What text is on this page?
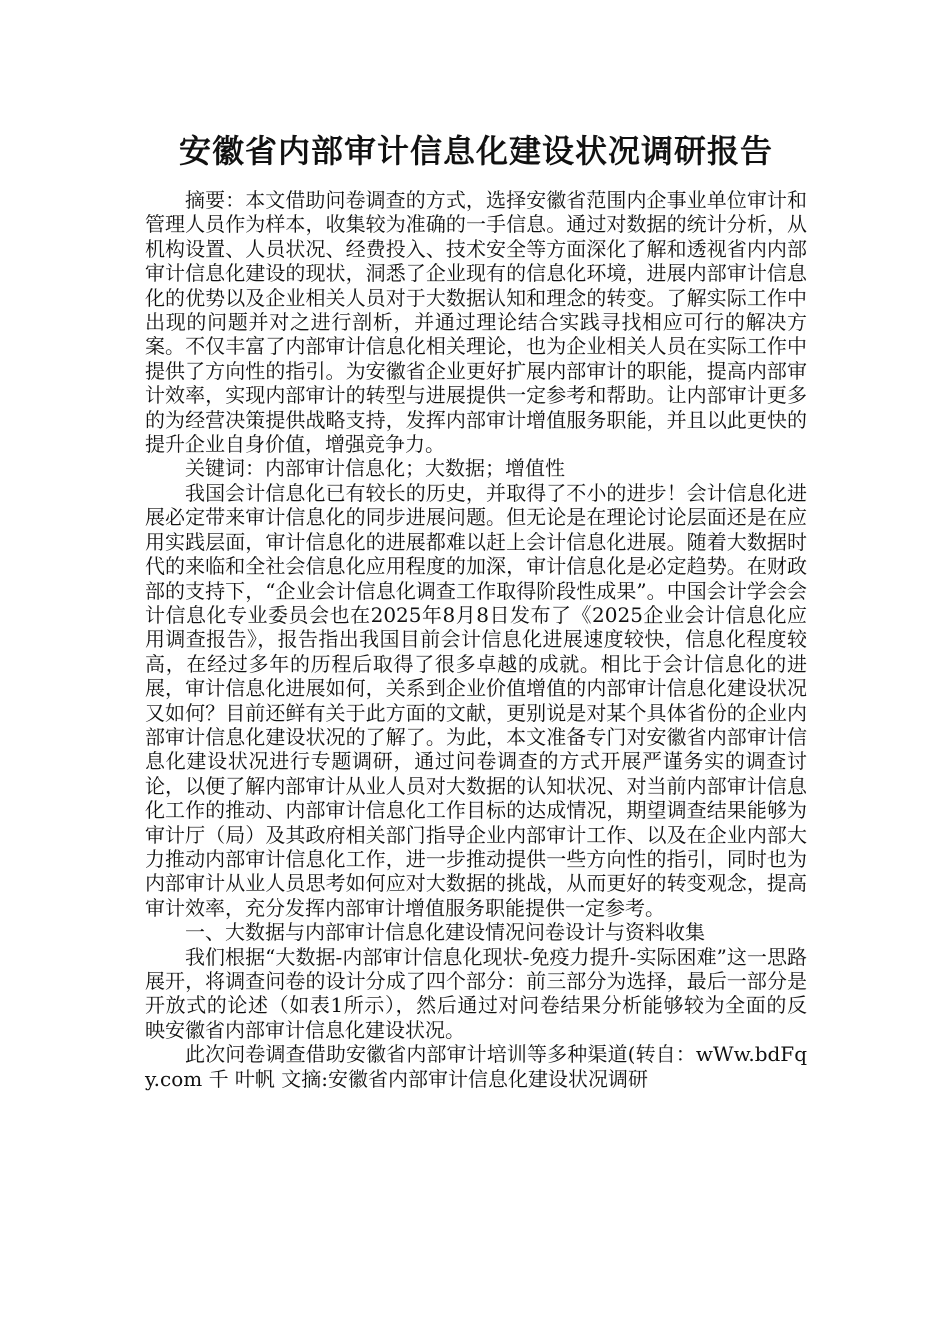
安徽省内部审计信息化建设状况调研报告

摘要：本文借助问卷调查的方式，选择安徽省范围内企事业单位审计和管理人员作为样本，收集较为准确的一手信息。通过对数据的统计分析，从机构设置、人员状况、经费投入、技术安全等方面深化了解和透视省内内部审计信息化建设的现状，洞悉了企业现有的信息化环境，进展内部审计信息化的优势以及企业相关人员对于大数据认知和理念的转变。了解实际工作中出现的问题并对之进行剖析，并通过理论结合实践寻找相应可行的解决方案。不仅丰富了内部审计信息化相关理论，也为企业相关人员在实际工作中提供了方向性的指引。为安徽省企业更好扩展内部审计的职能，提高内部审计效率，实现内部审计的转型与进展提供一定参考和帮助。让内部审计更多的为经营决策提供战略支持，发挥内部审计增值服务职能，并且以此更快的提升企业自身价值，增强竞争力。

关键词：内部审计信息化；大数据；增值性

我国会计信息化已有较长的历史，并取得了不小的进步！会计信息化进展必定带来审计信息化的同步进展问题。但无论是在理论讨论层面还是在应用实践层面，审计信息化的进展都难以赶上会计信息化进展。随着大数据时代的来临和全社会信息化应用程度的加深，审计信息化是必定趋势。在财政部的支持下，“企业会计信息化调查工作取得阶段性成果”。中国会计学会会计信息化专业委员会也在2025年8月8日发布了《2025企业会计信息化应用调查报告》，报告指出我国目前会计信息化进展速度较快，信息化程度较高，在经过多年的历程后取得了很多卓越的成就。相比于会计信息化的进展，审计信息化进展如何，关系到企业价值增值的内部审计信息化建设状况又如何？目前还鲜有关于此方面的文献，更别说是对某个具体省份的企业内部审计信息化建设状况的了解了。为此，本文准备专门对安徽省内部审计信息化建设状况进行专题调研，通过问卷调查的方式开展严谨务实的调查讨论，以便了解内部审计从业人员对大数据的认知状况、对当前内部审计信息化工作的推动、内部审计信息化工作目标的达成情况，期望调查结果能够为审计厅（局）及其政府相关部门指导企业内部审计工作、以及在企业内部大力推动内部审计信息化工作，进一步推动提供一些方向性的指引，同时也为内部审计从业人员思考如何应对大数据的挑战，从而更好的转变观念，提高审计效率，充分发挥内部审计增值服务职能提供一定参考。

一、大数据与内部审计信息化建设情况问卷设计与资料收集

我们根据“大数据-内部审计信息化现状-免疫力提升-实际困难”这一思路展开，将调查问卷的设计分成了四个部分：前三部分为选择，最后一部分是开放式的论述（如表1所示），然后通过对问卷结果分析能够较为全面的反映安徽省内部审计信息化建设状况。

此次问卷调查借助安徽省内部审计培训等多种渠道(转自：wWw.bdFqy.com 千 叶帆 文摘:安徽省内部审计信息化建设状况调研
